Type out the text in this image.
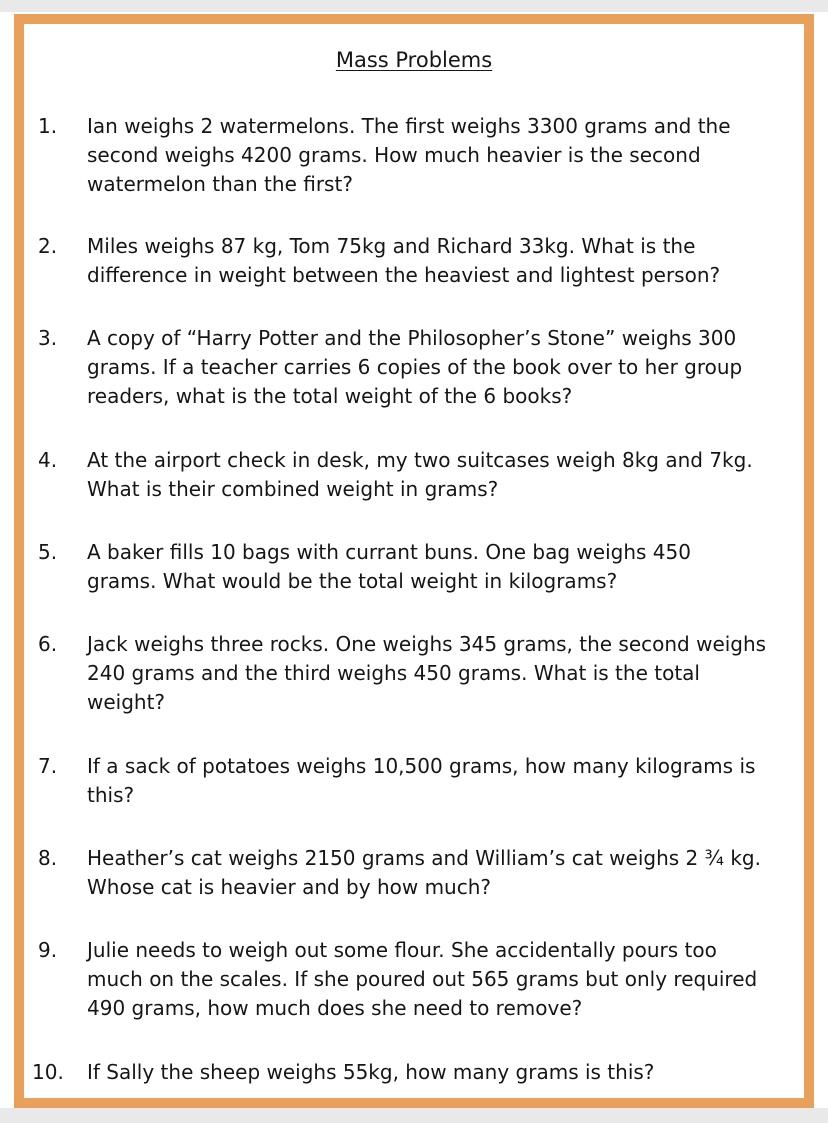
Mass Problems
1.	Ian weighs 2 watermelons. The first weighs 3300 grams and the
second weighs 4200 grams. How much heavier is the second
watermelon than the first?
2.	Miles weighs 87 kg, Tom 75kg and Richard 33kg. What is the
difference in weight between the heaviest and lightest person?
3.	A copy of “Harry Potter and the Philosopher’s Stone” weighs 300
grams. If a teacher carries 6 copies of the book over to her group
readers, what is the total weight of the 6 books?
4.	At the airport check in desk, my two suitcases weigh 8kg and 7kg.
What is their combined weight in grams?
5.	A baker fills 10 bags with currant buns. One bag weighs 450
grams. What would be the total weight in kilograms?
6.	Jack weighs three rocks. One weighs 345 grams, the second weighs
240 grams and the third weighs 450 grams. What is the total
weight?
7.	If a sack of potatoes weighs 10,500 grams, how many kilograms is
this?
8.	Heather’s cat weighs 2150 grams and William’s cat weighs 2 ¾ kg.
Whose cat is heavier and by how much?
9.	Julie needs to weigh out some flour. She accidentally pours too
much on the scales. If she poured out 565 grams but only required
490 grams, how much does she need to remove?
10.	If Sally the sheep weighs 55kg, how many grams is this?
